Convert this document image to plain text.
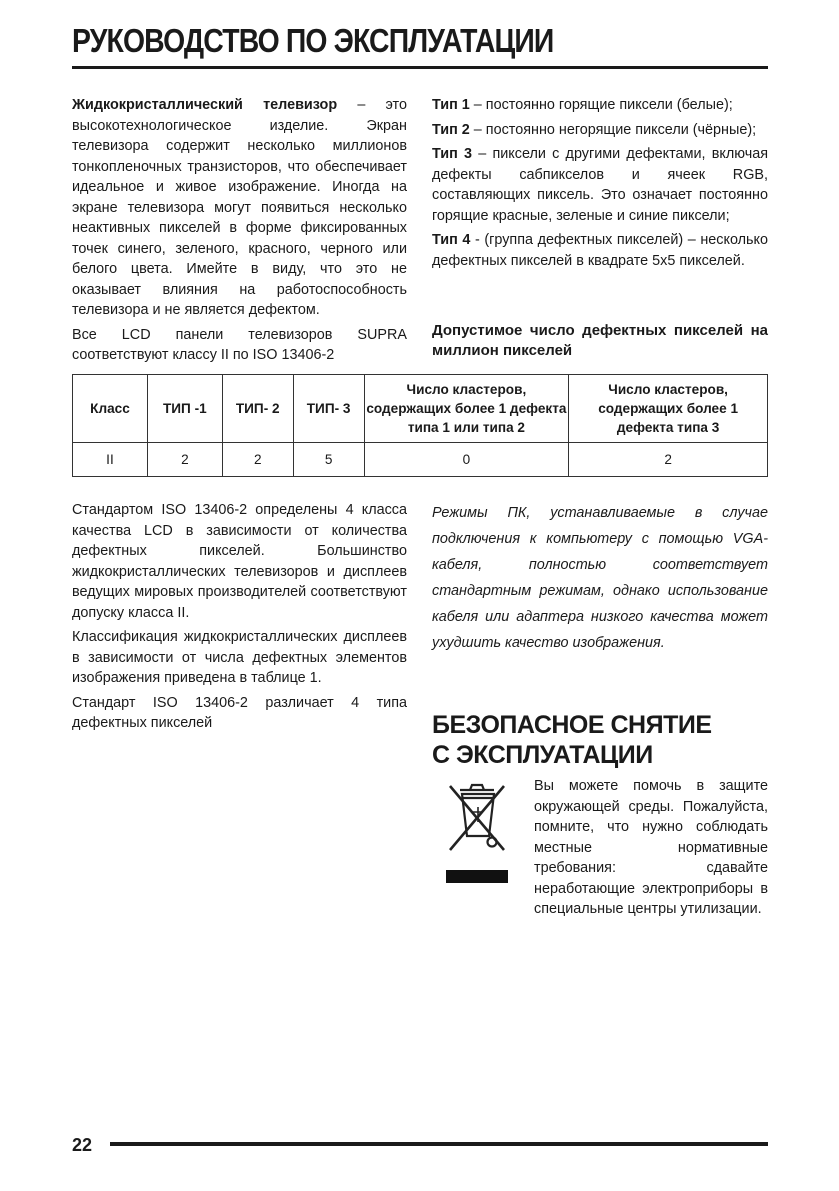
РУКОВОДСТВО ПО ЭКСПЛУАТАЦИИ

Жидкокристаллический телевизор – это высокотехнологическое изделие. Экран телевизора содержит несколько миллионов тонкопленочных транзисторов, что обеспечивает идеальное и живое изображение. Иногда на экране телевизора могут появиться несколько неактивных пикселей в форме фиксированных точек синего, зеленого, красного, черного или белого цвета. Имейте в виду, что это не оказывает влияния на работоспособность телевизора и не является дефектом.

Все LCD панели телевизоров SUPRA соответствуют классу II по ISO 13406-2

Тип 1 – постоянно горящие пиксели (белые);

Тип 2 – постоянно негорящие пиксели (чёрные);

Тип 3 – пиксели с другими дефектами, включая дефекты сабпикселов и ячеек RGB, составляющих пиксель. Это означает постоянно горящие красные, зеленые и синие пиксели;

Тип 4 - (группа дефектных пикселей) – несколько дефектных пикселей в квадрате 5x5 пикселей.

Допустимое число дефектных пикселей на миллион пикселей
Класс	ТИП -1	ТИП- 2	ТИП- 3	Число кластеров, содержащих более 1 дефекта типа 1 или типа 2	Число кластеров, содержащих более 1 дефекта типа 3
II	2	2	5	0	2

Стандартом ISO 13406-2 определены 4 класса качества LCD в зависимости от количества дефектных пикселей. Большинство жидкокристаллических телевизоров и дисплеев ведущих мировых производителей соответствуют допуску класса II.

Классификация жидкокристаллических дисплеев в зависимости от числа дефектных элементов изображения приведена в таблице 1.

Стандарт ISO 13406-2 различает 4 типа дефектных пикселей

Режимы ПК, устанавливаемые в случае подключения к компьютеру с помощью VGA-кабеля, полностью соответствует стандартным режимам, однако использование кабеля или адаптера низкого качества может ухудшить качество изображения.

БЕЗОПАСНОЕ СНЯТИЕ
С ЭКСПЛУАТАЦИИ

Вы можете помочь в защите окружающей среды. Пожалуйста, помните, что нужно соблюдать местные нормативные требования: сдавайте неработающие электроприборы в специальные центры утилизации.

22
